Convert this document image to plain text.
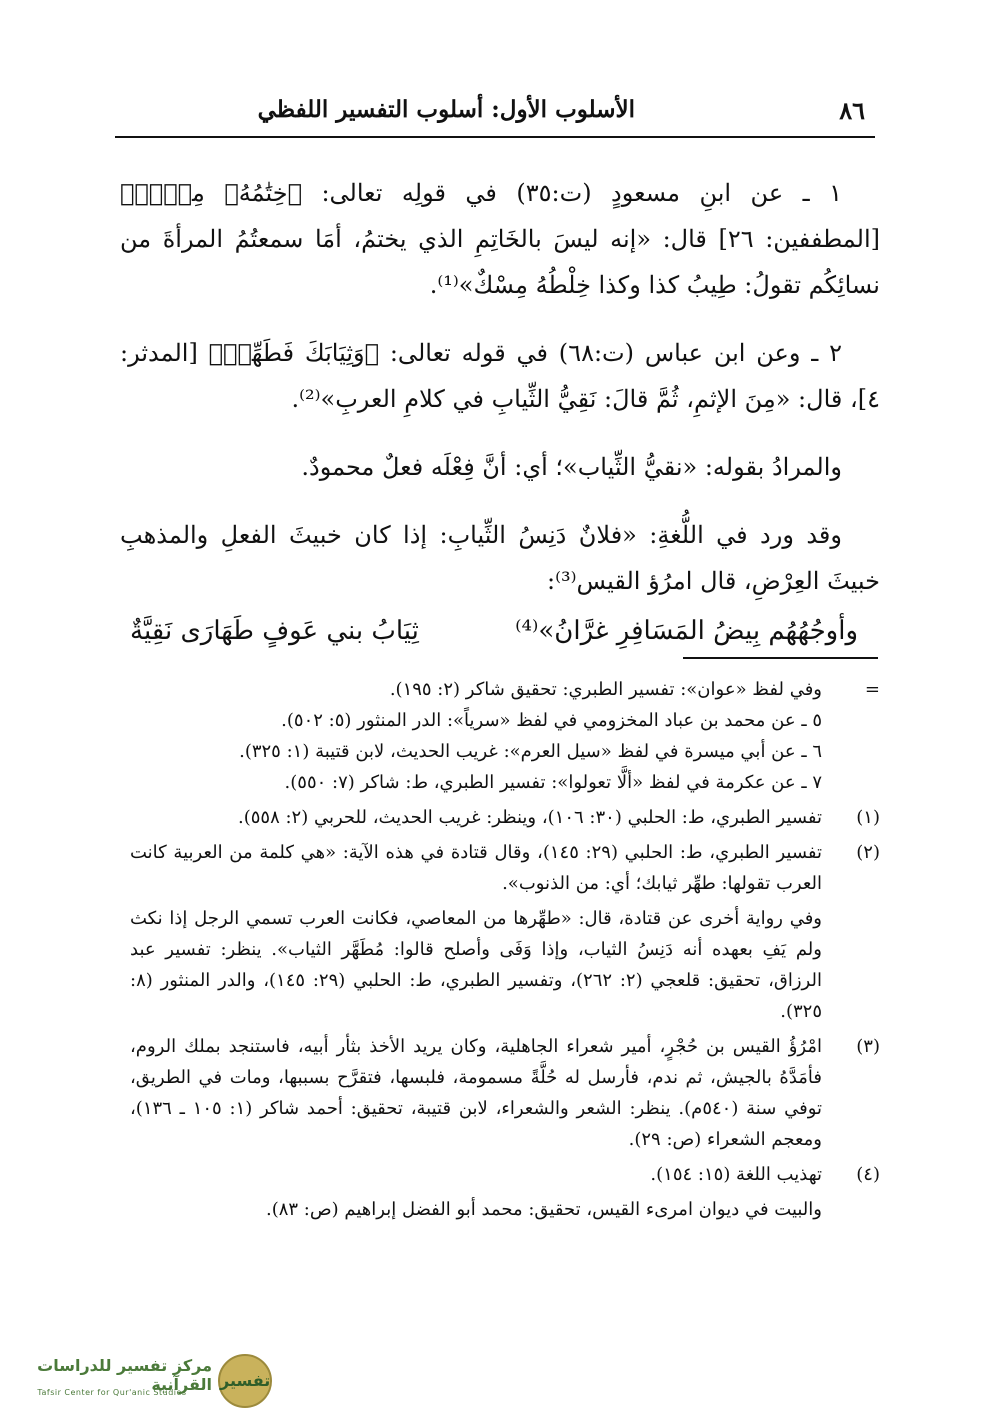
٨٦
الأسلوب الأول: أسلوب التفسير اللفظي

١ ـ عن ابنِ مسعودٍ (ت:٣٥) في قولِه تعالى: ﴿خِتَٰمُهُۥ مِسۡكٞ﴾ [المطففين: ٢٦] قال: «إنه ليسَ بالخَاتِمِ الذي يختمُ، أمَا سمعتُمُ المرأةَ من نسائِكُم تقولُ: طِيبُ كذا وكذا خِلْطُهُ مِسْكٌ»⁽¹⁾.

٢ ـ وعن ابن عباس (ت:٦٨) في قوله تعالى: ﴿وَثِيَابَكَ فَطَهِّرۡ﴾ [المدثر: ٤]، قال: «مِنَ الإثمِ، ثُمَّ قالَ: نَقِيُّ الثِّيابِ في كلامِ العربِ»⁽²⁾.

والمرادُ بقوله: «نقيُّ الثِّياب»؛ أي: أنَّ فِعْلَه فعلٌ محمودٌ.

وقد ورد في اللُّغةِ: «فلانٌ دَنِسُ الثِّيابِ: إذا كان خبيثَ الفعلِ والمذهبِ خبيثَ العِرْضِ، قال امرُؤ القيس⁽³⁾:

ثِيَابُ بني عَوفٍ طَهَارَى نَقِيَّةٌ	وأوجُهُهُم بِيضُ المَسَافِرِ غرَّانُ»⁽⁴⁾
=
وفي لفظ «عوان»: تفسير الطبري: تحقيق شاكر (٢: ١٩٥).
٥ ـ عن محمد بن عباد المخزومي في لفظ «سرياً»: الدر المنثور (٥: ٥٠٢).
٦ ـ عن أبي ميسرة في لفظ «سيل العرم»: غريب الحديث، لابن قتيبة (١: ٣٢٥).
٧ ـ عن عكرمة في لفظ «ألَّا تعولوا»: تفسير الطبري، ط: شاكر (٧: ٥٥٠).
(١)
تفسير الطبري، ط: الحلبي (٣٠: ١٠٦)، وينظر: غريب الحديث، للحربي (٢: ٥٥٨).
(٢)
تفسير الطبري، ط: الحلبي (٢٩: ١٤٥)، وقال قتادة في هذه الآية: «هي كلمة من العربية كانت العرب تقولها: طهِّر ثيابك؛ أي: من الذنوب».
وفي رواية أخرى عن قتادة، قال: «طهِّرها من المعاصي، فكانت العرب تسمي الرجل إذا نكث ولم يَفِ بعهده أنه دَنِسُ الثياب، وإذا وَفَى وأصلح قالوا: مُطَهَّر الثياب». ينظر: تفسير عبد الرزاق، تحقيق: قلعجي (٢: ٢٦٢)، وتفسير الطبري، ط: الحلبي (٢٩: ١٤٥)، والدر المنثور (٨: ٣٢٥).
(٣)
امْرُؤُ القيس بن حُجْرٍ، أمير شعراء الجاهلية، وكان يريد الأخذ بثأر أبيه، فاستنجد بملك الروم، فأمَدَّهُ بالجيش، ثم ندم، فأرسل له حُلَّةً مسمومة، فلبسها، فتقرَّح بسببها، ومات في الطريق، توفي سنة (٥٤٠م). ينظر: الشعر والشعراء، لابن قتيبة، تحقيق: أحمد شاكر (١: ١٠٥ ـ ١٣٦)، ومعجم الشعراء (ص: ٢٩).
(٤)
تهذيب اللغة (١٥: ١٥٤).
والبيت في ديوان امرىء القيس، تحقيق: محمد أبو الفضل إبراهيم (ص: ٨٣).
تفسير
مركز تفسير للدراسات القرآنية
Tafsir Center for Qur'anic Studies
